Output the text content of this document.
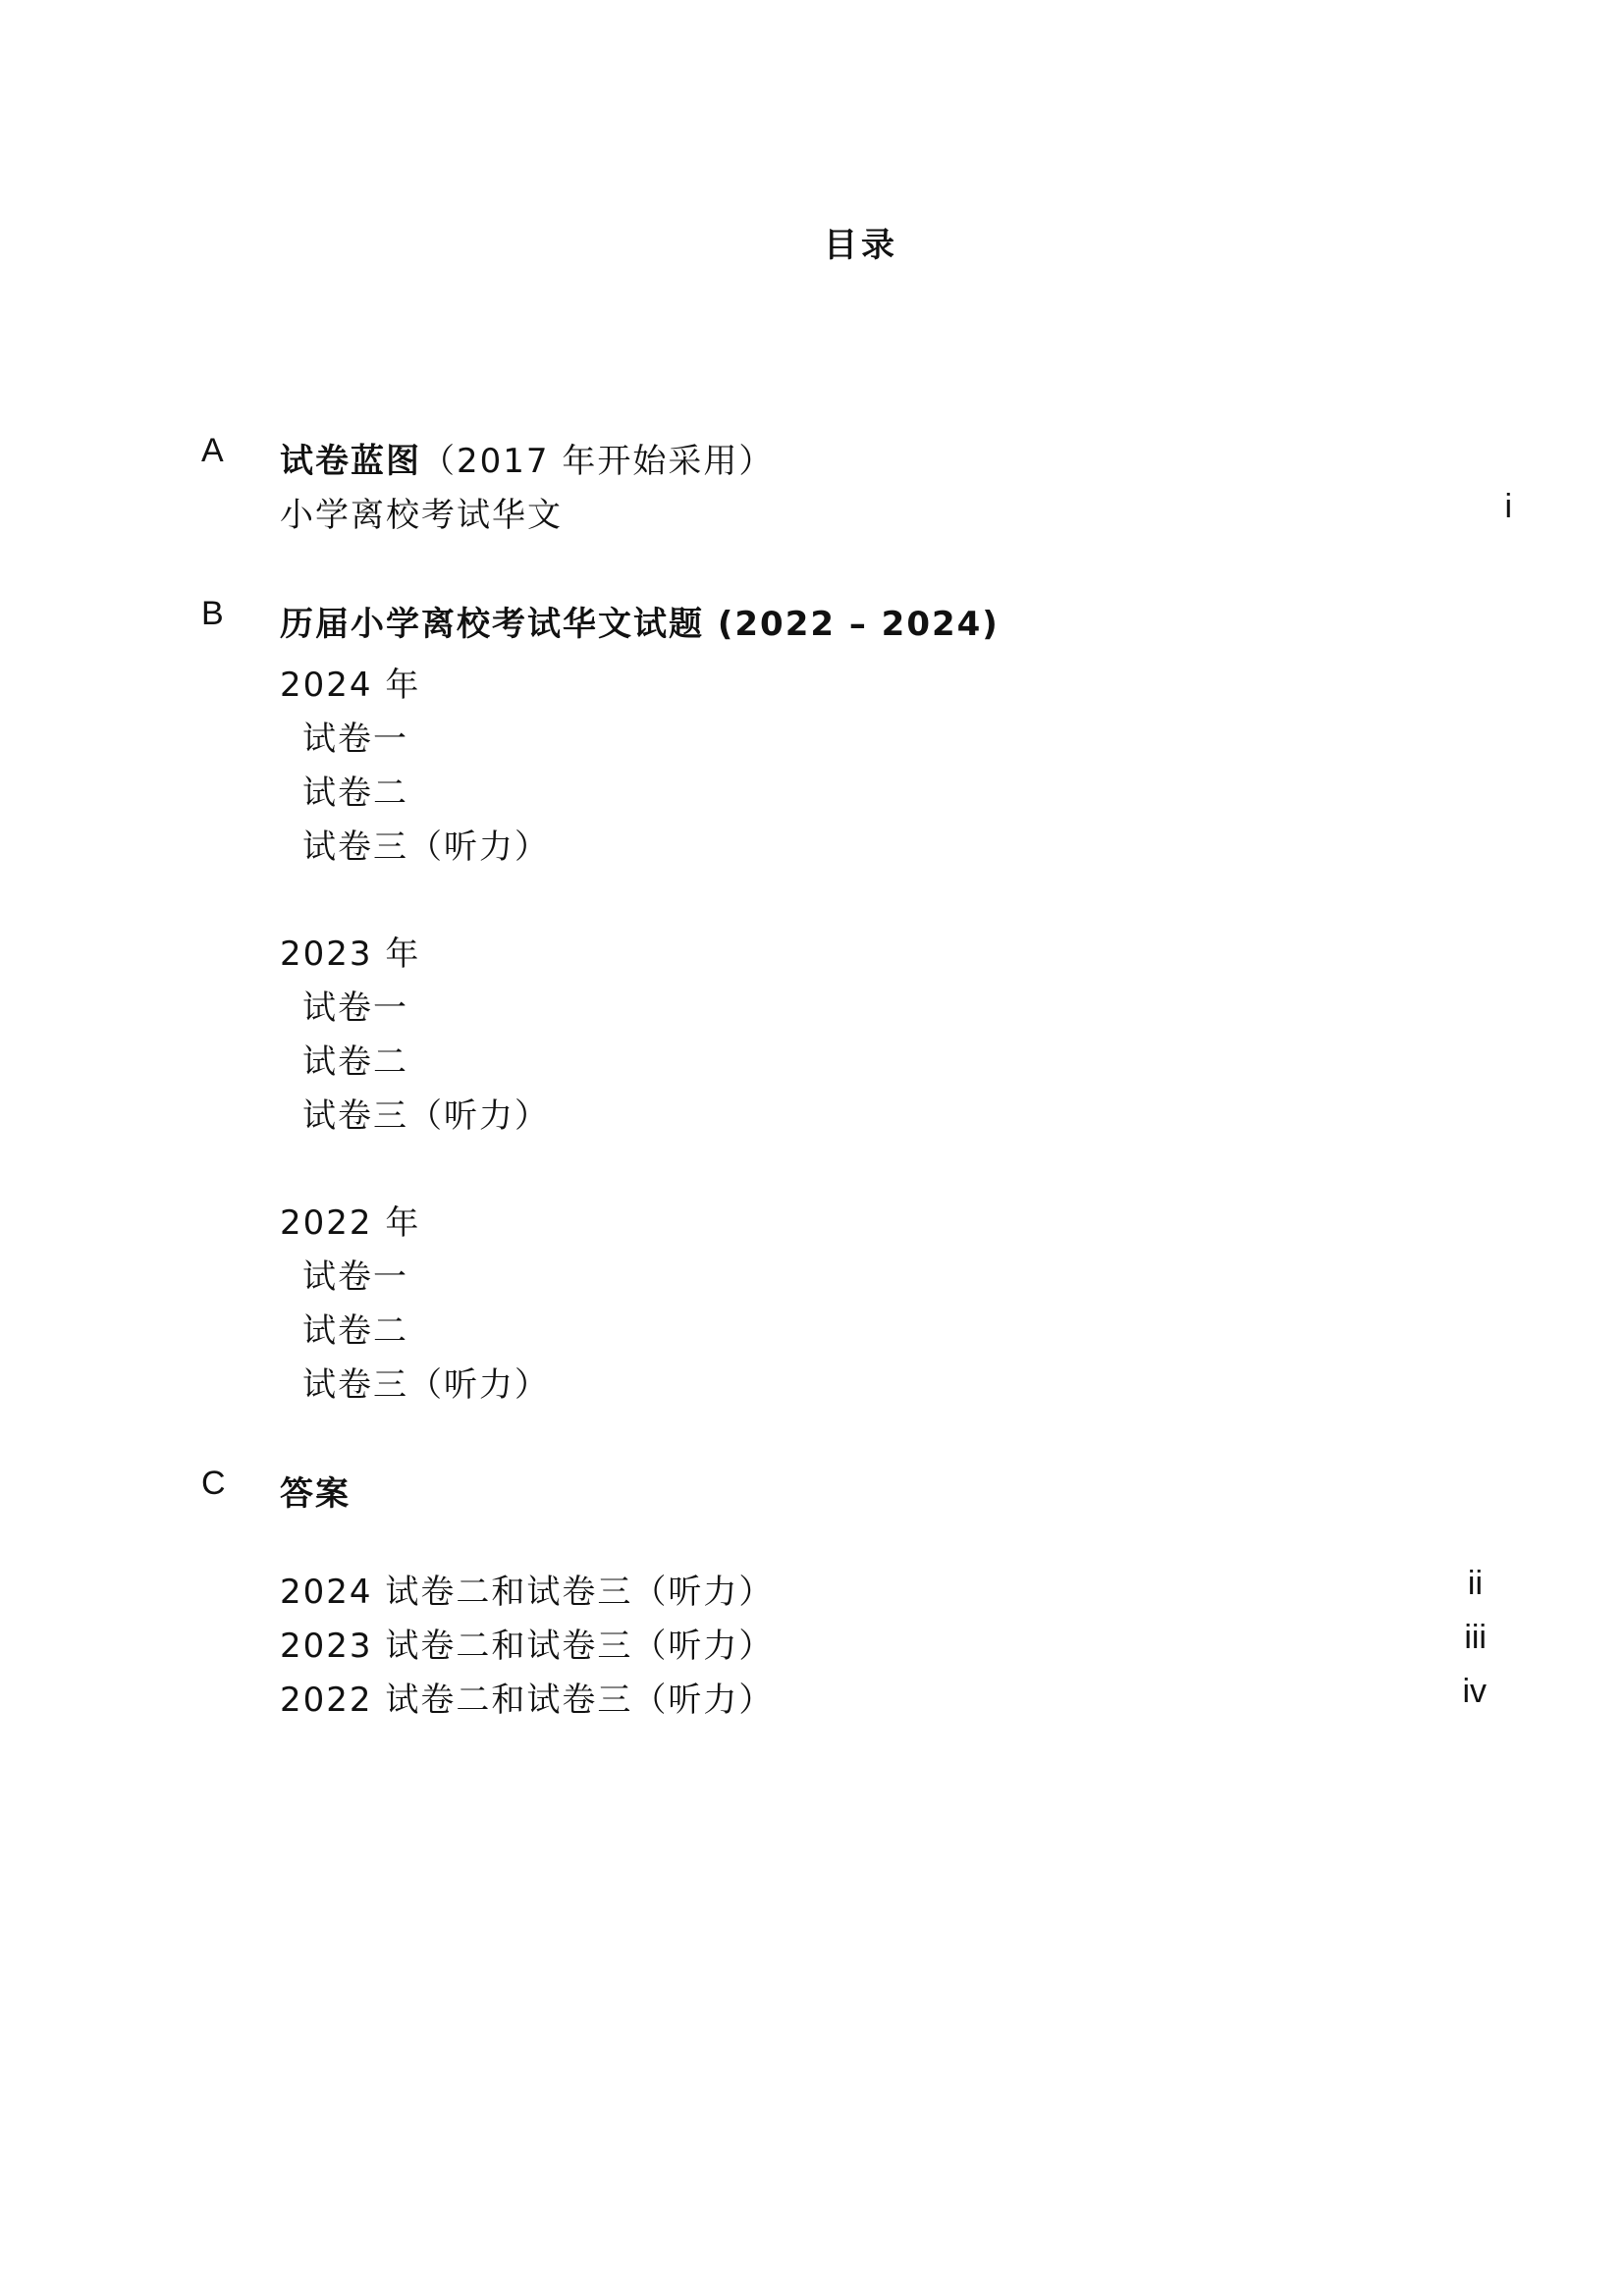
目录
A 试卷蓝图（2017 年开始采用）
小学离校考试华文	i
B 历届小学离校考试华文试题 (2022 – 2024)
2024 年
试卷一
试卷二
试卷三（听力）
2023 年
试卷一
试卷二
试卷三（听力）
2022 年
试卷一
试卷二
试卷三（听力）
C 答案
2024 试卷二和试卷三（听力）	ii
2023 试卷二和试卷三（听力）	iii
2022 试卷二和试卷三（听力）	iv
